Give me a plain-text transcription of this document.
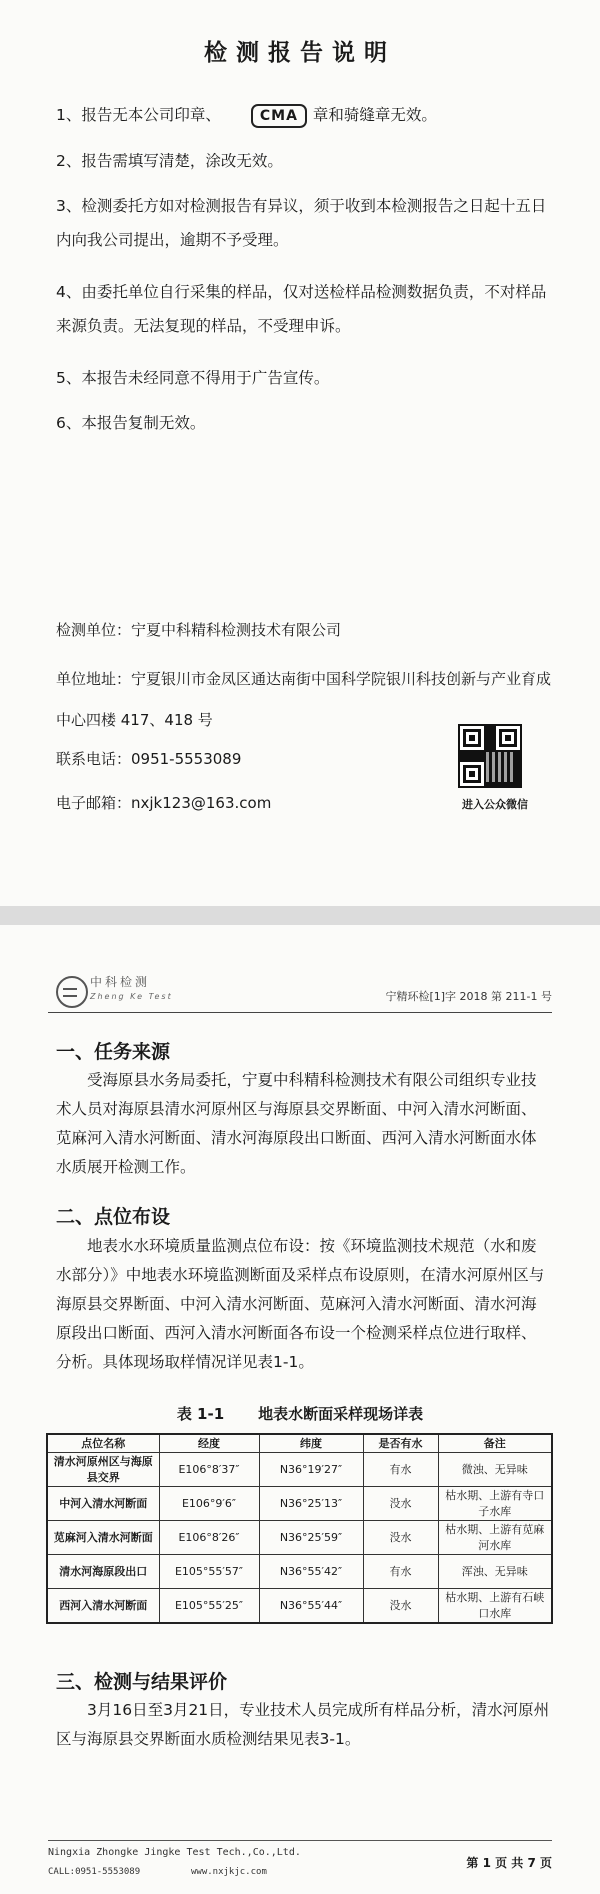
检测报告说明
1、报告无本公司印章、	CMA 章和骑缝章无效。
2、报告需填写清楚，涂改无效。
3、检测委托方如对检测报告有异议，须于收到本检测报告之日起十五日内向我公司提出，逾期不予受理。
4、由委托单位自行采集的样品，仅对送检样品检测数据负责，不对样品来源负责。无法复现的样品，不受理申诉。
5、本报告未经同意不得用于广告宣传。
6、本报告复制无效。
检测单位：宁夏中科精科检测技术有限公司
单位地址：宁夏银川市金凤区通达南街中国科学院银川科技创新与产业育成中心四楼 417、418 号
联系电话：0951-5553089
电子邮箱：nxjk123@163.com	进入公众微信
中科检测
Zheng Ke Test	宁精环检[1]字 2018 第 211-1 号
一、任务来源

受海原县水务局委托，宁夏中科精科检测技术有限公司组织专业技术人员对海原县清水河原州区与海原县交界断面、中河入清水河断面、苋麻河入清水河断面、清水河海原段出口断面、西河入清水河断面水体水质展开检测工作。

二、点位布设

地表水水环境质量监测点位布设：按《环境监测技术规范（水和废水部分）》中地表水环境监测断面及采样点布设原则，在清水河原州区与海原县交界断面、中河入清水河断面、苋麻河入清水河断面、清水河海原段出口断面、西河入清水河断面各布设一个检测采样点位进行取样、分析。具体现场取样情况详见表1-1。

表 1-1 地表水断面采样现场详表
点位名称	经度	纬度	是否有水	备注
清水河原州区与海原县交界	E106°8′37″	N36°19′27″	有水	微浊、无异味
中河入清水河断面	E106°9′6″	N36°25′13″	没水	枯水期、上游有寺口子水库
苋麻河入清水河断面	E106°8′26″	N36°25′59″	没水	枯水期、上游有苋麻河水库
清水河海原段出口	E105°55′57″	N36°55′42″	有水	浑浊、无异味
西河入清水河断面	E105°55′25″	N36°55′44″	没水	枯水期、上游有石峡口水库
三、检测与结果评价

3月16日至3月21日，专业技术人员完成所有样品分析，清水河原州区与海原县交界断面水质检测结果见表3-1。

Ningxia Zhongke Jingke Test Tech.,Co.,Ltd.
CALL:0951-5553089	www.nxjkjc.com
第 1 页 共 7 页
